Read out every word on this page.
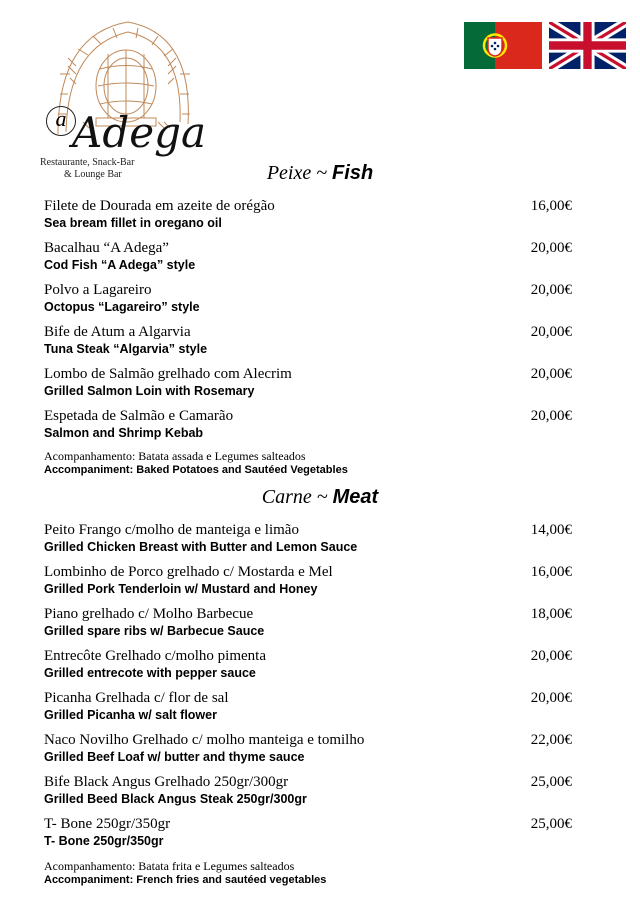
a Adega
Restaurante, Snack-Bar
& Lounge Bar	Peixe ~ Fish
Filete de Dourada em azeite de orégão
Sea bream fillet in oregano oil
16,00€
Bacalhau “A Adega”
Cod Fish “A Adega” style
20,00€
Polvo a Lagareiro
Octopus “Lagareiro” style
20,00€
Bife de Atum a Algarvia
Tuna Steak “Algarvia” style
20,00€
Lombo de Salmão grelhado com Alecrim
Grilled Salmon Loin with Rosemary
20,00€
Espetada de Salmão e Camarão
Salmon and Shrimp Kebab
20,00€
Acompanhamento: Batata assada e Legumes salteados
Accompaniment: Baked Potatoes and Sautéed Vegetables
Carne ~ Meat
Peito Frango c/molho de manteiga e limão
Grilled Chicken Breast with Butter and Lemon Sauce
14,00€
Lombinho de Porco grelhado c/ Mostarda e Mel
Grilled Pork Tenderloin w/ Mustard and Honey
16,00€
Piano grelhado c/ Molho Barbecue
Grilled spare ribs w/ Barbecue Sauce
18,00€
Entrecôte Grelhado c/molho pimenta
Grilled entrecote with pepper sauce
20,00€
Picanha Grelhada c/ flor de sal
Grilled Picanha w/ salt flower
20,00€
Naco Novilho Grelhado c/ molho manteiga e tomilho
Grilled Beef Loaf w/ butter and thyme sauce
22,00€
Bife Black Angus Grelhado 250gr/300gr
Grilled Beed Black Angus Steak 250gr/300gr
25,00€
T- Bone 250gr/350gr
T- Bone 250gr/350gr
25,00€
Acompanhamento: Batata frita e Legumes salteados
Accompaniment: French fries and sautéed vegetables
